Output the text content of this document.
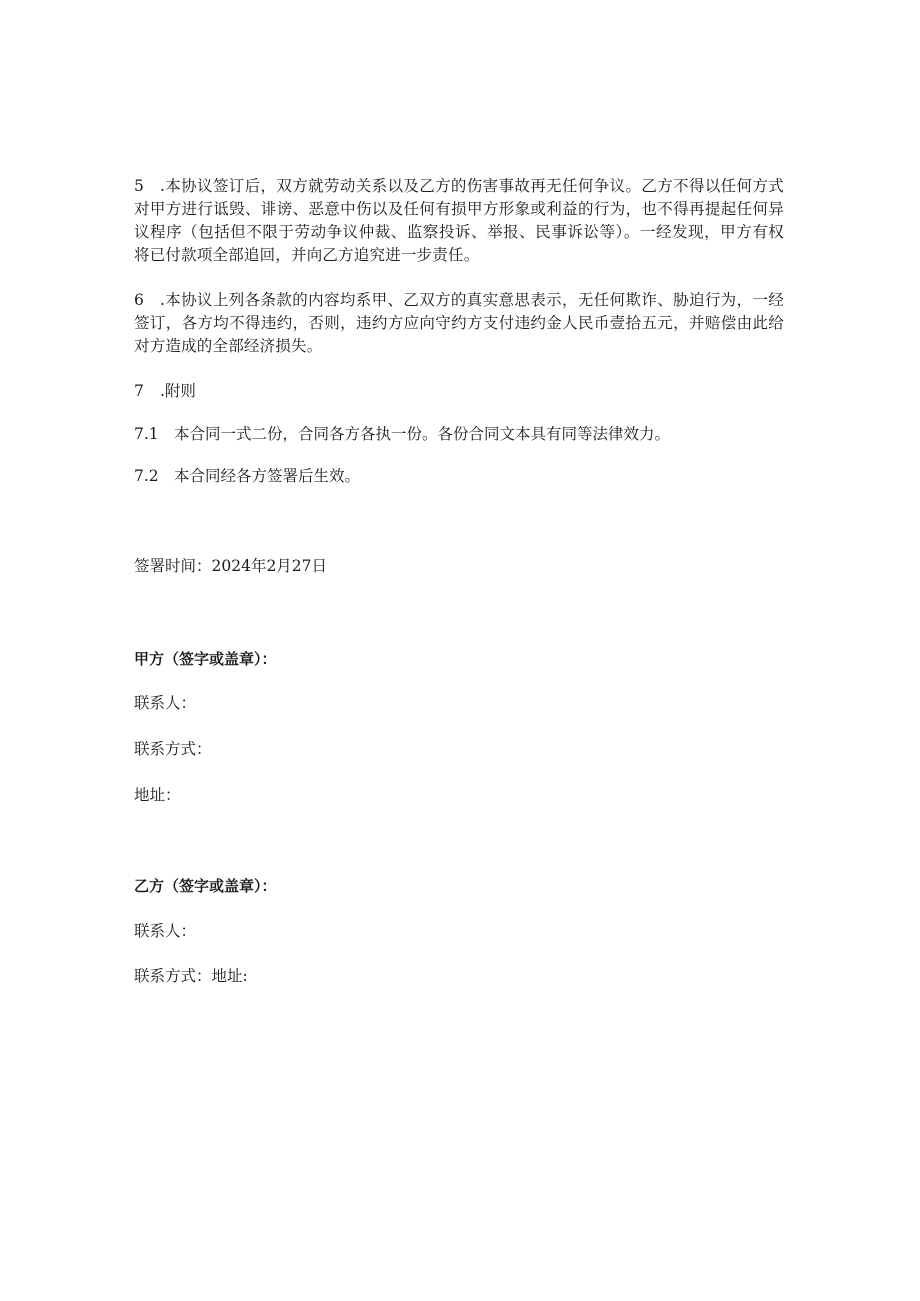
5 .本协议签订后，双方就劳动关系以及乙方的伤害事故再无任何争议。乙方不得以任何方式对甲方进行诋毁、诽谤、恶意中伤以及任何有损甲方形象或利益的行为，也不得再提起任何异议程序（包括但不限于劳动争议仲裁、监察投诉、举报、民事诉讼等）。一经发现，甲方有权将已付款项全部追回，并向乙方追究进一步责任。
6 .本协议上列各条款的内容均系甲、乙双方的真实意思表示，无任何欺诈、胁迫行为，一经签订，各方均不得违约，否则，违约方应向守约方支付违约金人民币壹拾五元，并赔偿由此给对方造成的全部经济损失。
7 .附则
7.1 本合同一式二份，合同各方各执一份。各份合同文本具有同等法律效力。
7.2 本合同经各方签署后生效。
签署时间：2024年2月27日
甲方（签字或盖章）：
联系人：
联系方式：
地址：
乙方（签字或盖章）：
联系人：
联系方式：地址:
